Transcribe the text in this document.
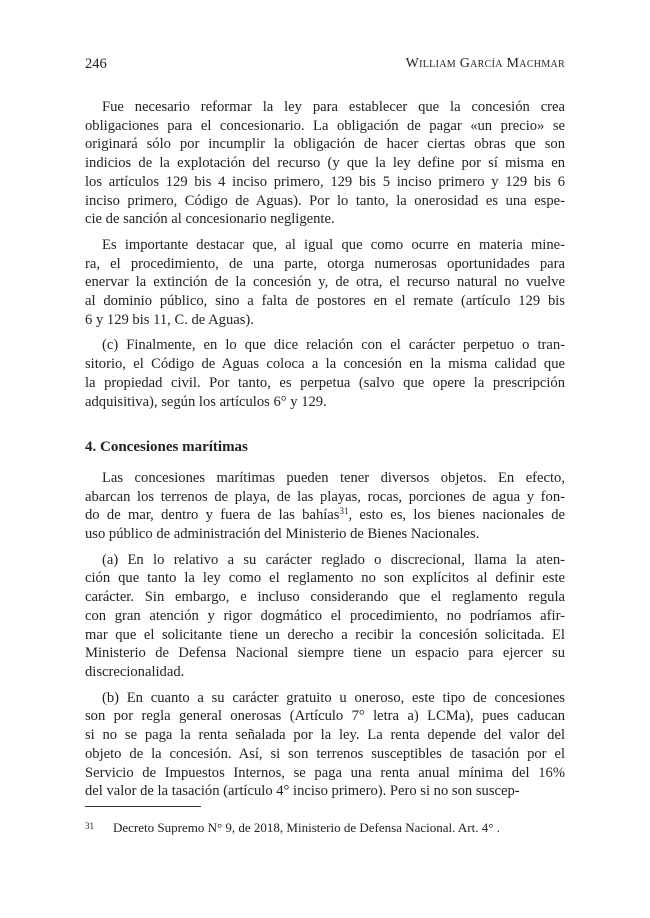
246	William García Machmar
Fue necesario reformar la ley para establecer que la concesión crea
obligaciones para el concesionario. La obligación de pagar «un precio» se
originará sólo por incumplir la obligación de hacer ciertas obras que son
indicios de la explotación del recurso (y que la ley define por sí misma en
los artículos 129 bis 4 inciso primero, 129 bis 5 inciso primero y 129 bis 6
inciso primero, Código de Aguas). Por lo tanto, la onerosidad es una espe-
cie de sanción al concesionario negligente.
Es importante destacar que, al igual que como ocurre en materia mine-
ra, el procedimiento, de una parte, otorga numerosas oportunidades para
enervar la extinción de la concesión y, de otra, el recurso natural no vuelve
al dominio público, sino a falta de postores en el remate (artículo 129 bis
6 y 129 bis 11, C. de Aguas).
(c) Finalmente, en lo que dice relación con el carácter perpetuo o tran-
sitorio, el Código de Aguas coloca a la concesión en la misma calidad que
la propiedad civil. Por tanto, es perpetua (salvo que opere la prescripción
adquisitiva), según los artículos 6° y 129.
4. Concesiones marítimas
Las concesiones marítimas pueden tener diversos objetos. En efecto,
abarcan los terrenos de playa, de las playas, rocas, porciones de agua y fon-
do de mar, dentro y fuera de las bahías$^{31}$, esto es, los bienes nacionales de
uso público de administración del Ministerio de Bienes Nacionales.
(a) En lo relativo a su carácter reglado o discrecional, llama la aten-
ción que tanto la ley como el reglamento no son explícitos al definir este
carácter. Sin embargo, e incluso considerando que el reglamento regula
con gran atención y rigor dogmático el procedimiento, no podríamos afir-
mar que el solicitante tiene un derecho a recibir la concesión solicitada. El
Ministerio de Defensa Nacional siempre tiene un espacio para ejercer su
discrecionalidad.
(b) En cuanto a su carácter gratuito u oneroso, este tipo de concesiones
son por regla general onerosas (Artículo 7° letra a) LCMa), pues caducan
si no se paga la renta señalada por la ley. La renta depende del valor del
objeto de la concesión. Así, si son terrenos susceptibles de tasación por el
Servicio de Impuestos Internos, se paga una renta anual mínima del 16%
del valor de la tasación (artículo 4° inciso primero). Pero si no son suscep-
31	Decreto Supremo N° 9, de 2018, Ministerio de Defensa Nacional. Art. 4° .
